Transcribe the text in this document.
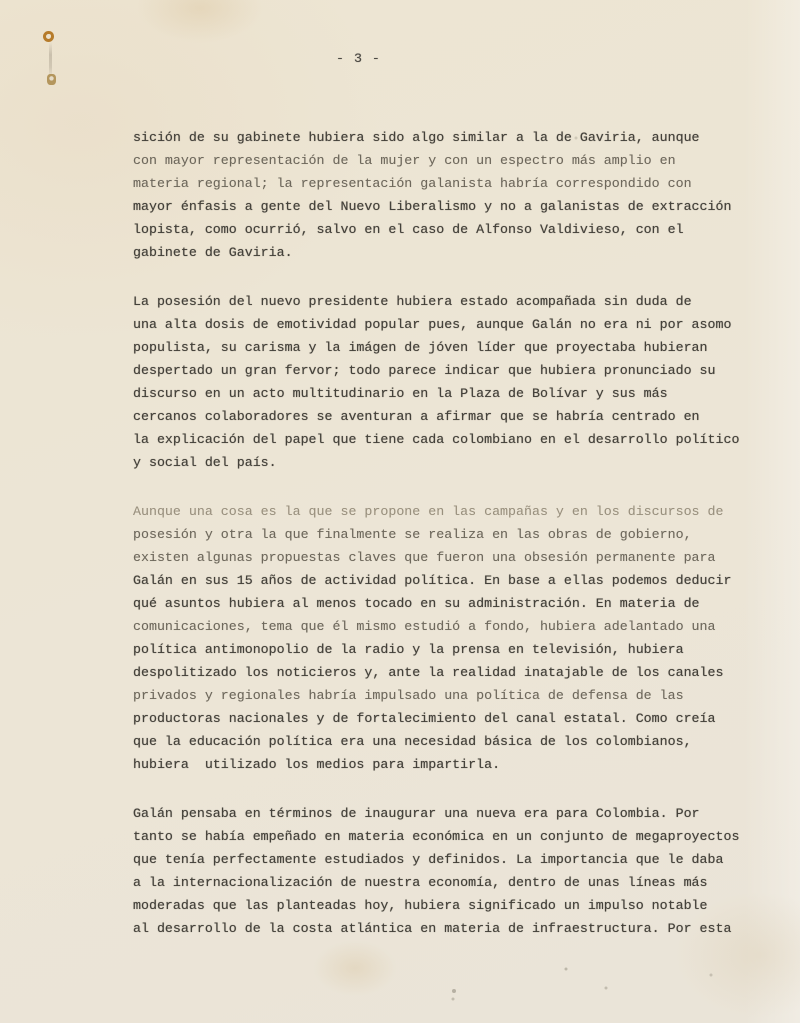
- 3 -
sición de su gabinete hubiera sido algo similar a la de Gaviria, aunque
con mayor representación de la mujer y con un espectro más amplio en
materia regional; la representación galanista habría correspondido con
mayor énfasis a gente del Nuevo Liberalismo y no a galanistas de extracción
lopista, como ocurrió, salvo en el caso de Alfonso Valdivieso, con el
gabinete de Gaviria.
La posesión del nuevo presidente hubiera estado acompañada sin duda de
una alta dosis de emotividad popular pues, aunque Galán no era ni por asomo
populista, su carisma y la imágen de jóven líder que proyectaba hubieran
despertado un gran fervor; todo parece indicar que hubiera pronunciado su
discurso en un acto multitudinario en la Plaza de Bolívar y sus más
cercanos colaboradores se aventuran a afirmar que se habría centrado en
la explicación del papel que tiene cada colombiano en el desarrollo político
y social del país.
Aunque una cosa es la que se propone en las campañas y en los discursos de
posesión y otra la que finalmente se realiza en las obras de gobierno,
existen algunas propuestas claves que fueron una obsesión permanente para
Galán en sus 15 años de actividad política. En base a ellas podemos deducir
qué asuntos hubiera al menos tocado en su administración. En materia de
comunicaciones, tema que él mismo estudió a fondo, hubiera adelantado una
política antimonopolio de la radio y la prensa en televisión, hubiera
despolitizado los noticieros y, ante la realidad inatajable de los canales
privados y regionales habría impulsado una política de defensa de las
productoras nacionales y de fortalecimiento del canal estatal. Como creía
que la educación política era una necesidad básica de los colombianos,
hubiera  utilizado los medios para impartirla.
Galán pensaba en términos de inaugurar una nueva era para Colombia. Por
tanto se había empeñado en materia económica en un conjunto de megaproyectos
que tenía perfectamente estudiados y definidos. La importancia que le daba
a la internacionalización de nuestra economía, dentro de unas líneas más
moderadas que las planteadas hoy, hubiera significado un impulso notable
al desarrollo de la costa atlántica en materia de infraestructura. Por esta
